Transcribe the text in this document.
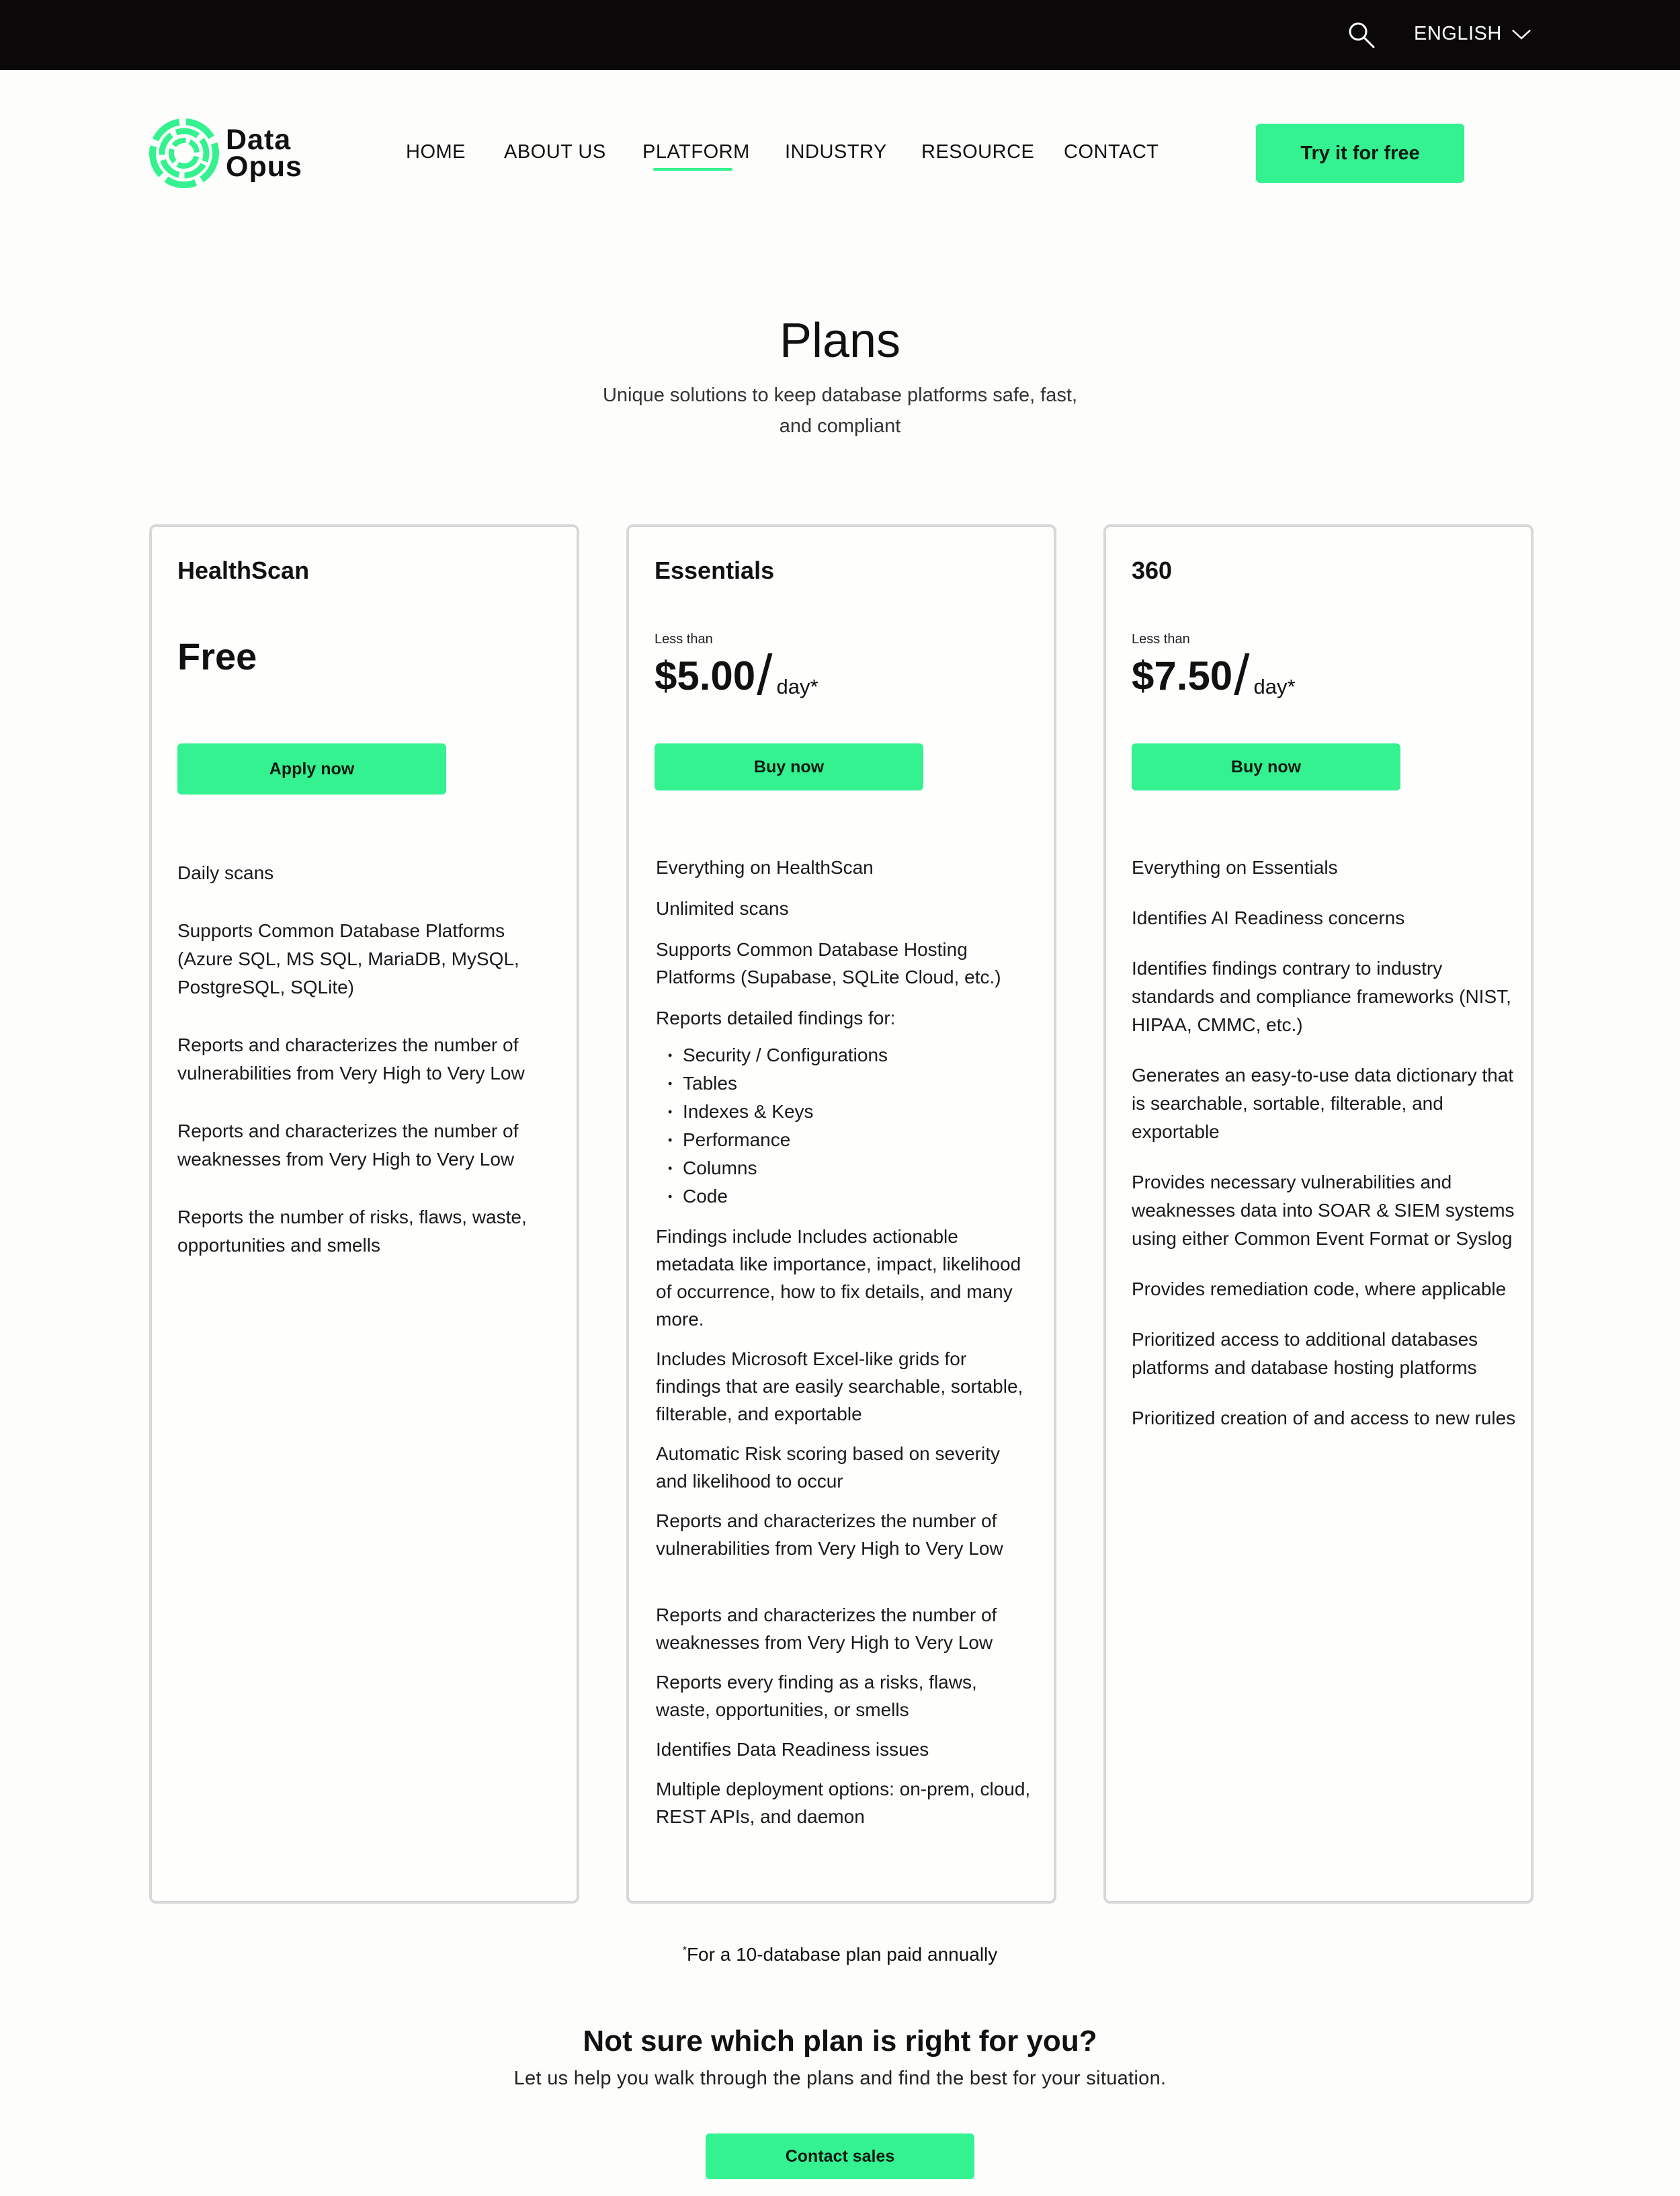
ENGLISH
Data
Opus	HOME ABOUT US PLATFORM INDUSTRY RESOURCE CONTACT	Try it for free
Plans
Unique solutions to keep database platforms safe, fast,
and compliant
HealthScan
Free
Apply now

Daily scans

Supports Common Database Platforms (Azure SQL, MS SQL, MariaDB, MySQL, PostgreSQL, SQLite)

Reports and characterizes the number of vulnerabilities from Very High to Very Low

Reports and characterizes the number of weaknesses from Very High to Very Low

Reports the number of risks, flaws, waste, opportunities and smells

Essentials
Less than
$5.00 / day*
Buy now

Everything on HealthScan

Unlimited scans

Supports Common Database Hosting Platforms (Supabase, SQLite Cloud, etc.)

Reports detailed findings for:

• Security / Configurations
• Tables
• Indexes & Keys
• Performance
• Columns
• Code

Findings include Includes actionable metadata like importance, impact, likelihood of occurrence, how to fix details, and many more.

Includes Microsoft Excel-like grids for findings that are easily searchable, sortable, filterable, and exportable

Automatic Risk scoring based on severity and likelihood to occur

Reports and characterizes the number of vulnerabilities from Very High to Very Low

Reports and characterizes the number of weaknesses from Very High to Very Low

Reports every finding as a risks, flaws, waste, opportunities, or smells

Identifies Data Readiness issues

Multiple deployment options: on-prem, cloud, REST APIs, and daemon

360
Less than
$7.50 / day*
Buy now

Everything on Essentials

Identifies AI Readiness concerns

Identifies findings contrary to industry standards and compliance frameworks (NIST, HIPAA, CMMC, etc.)

Generates an easy-to-use data dictionary that is searchable, sortable, filterable, and exportable

Provides necessary vulnerabilities and weaknesses data into SOAR & SIEM systems using either Common Event Format or Syslog

Provides remediation code, where applicable

Prioritized access to additional databases platforms and database hosting platforms

Prioritized creation of and access to new rules

*For a 10-database plan paid annually
Not sure which plan is right for you?
Let us help you walk through the plans and find the best for your situation.
Contact sales
